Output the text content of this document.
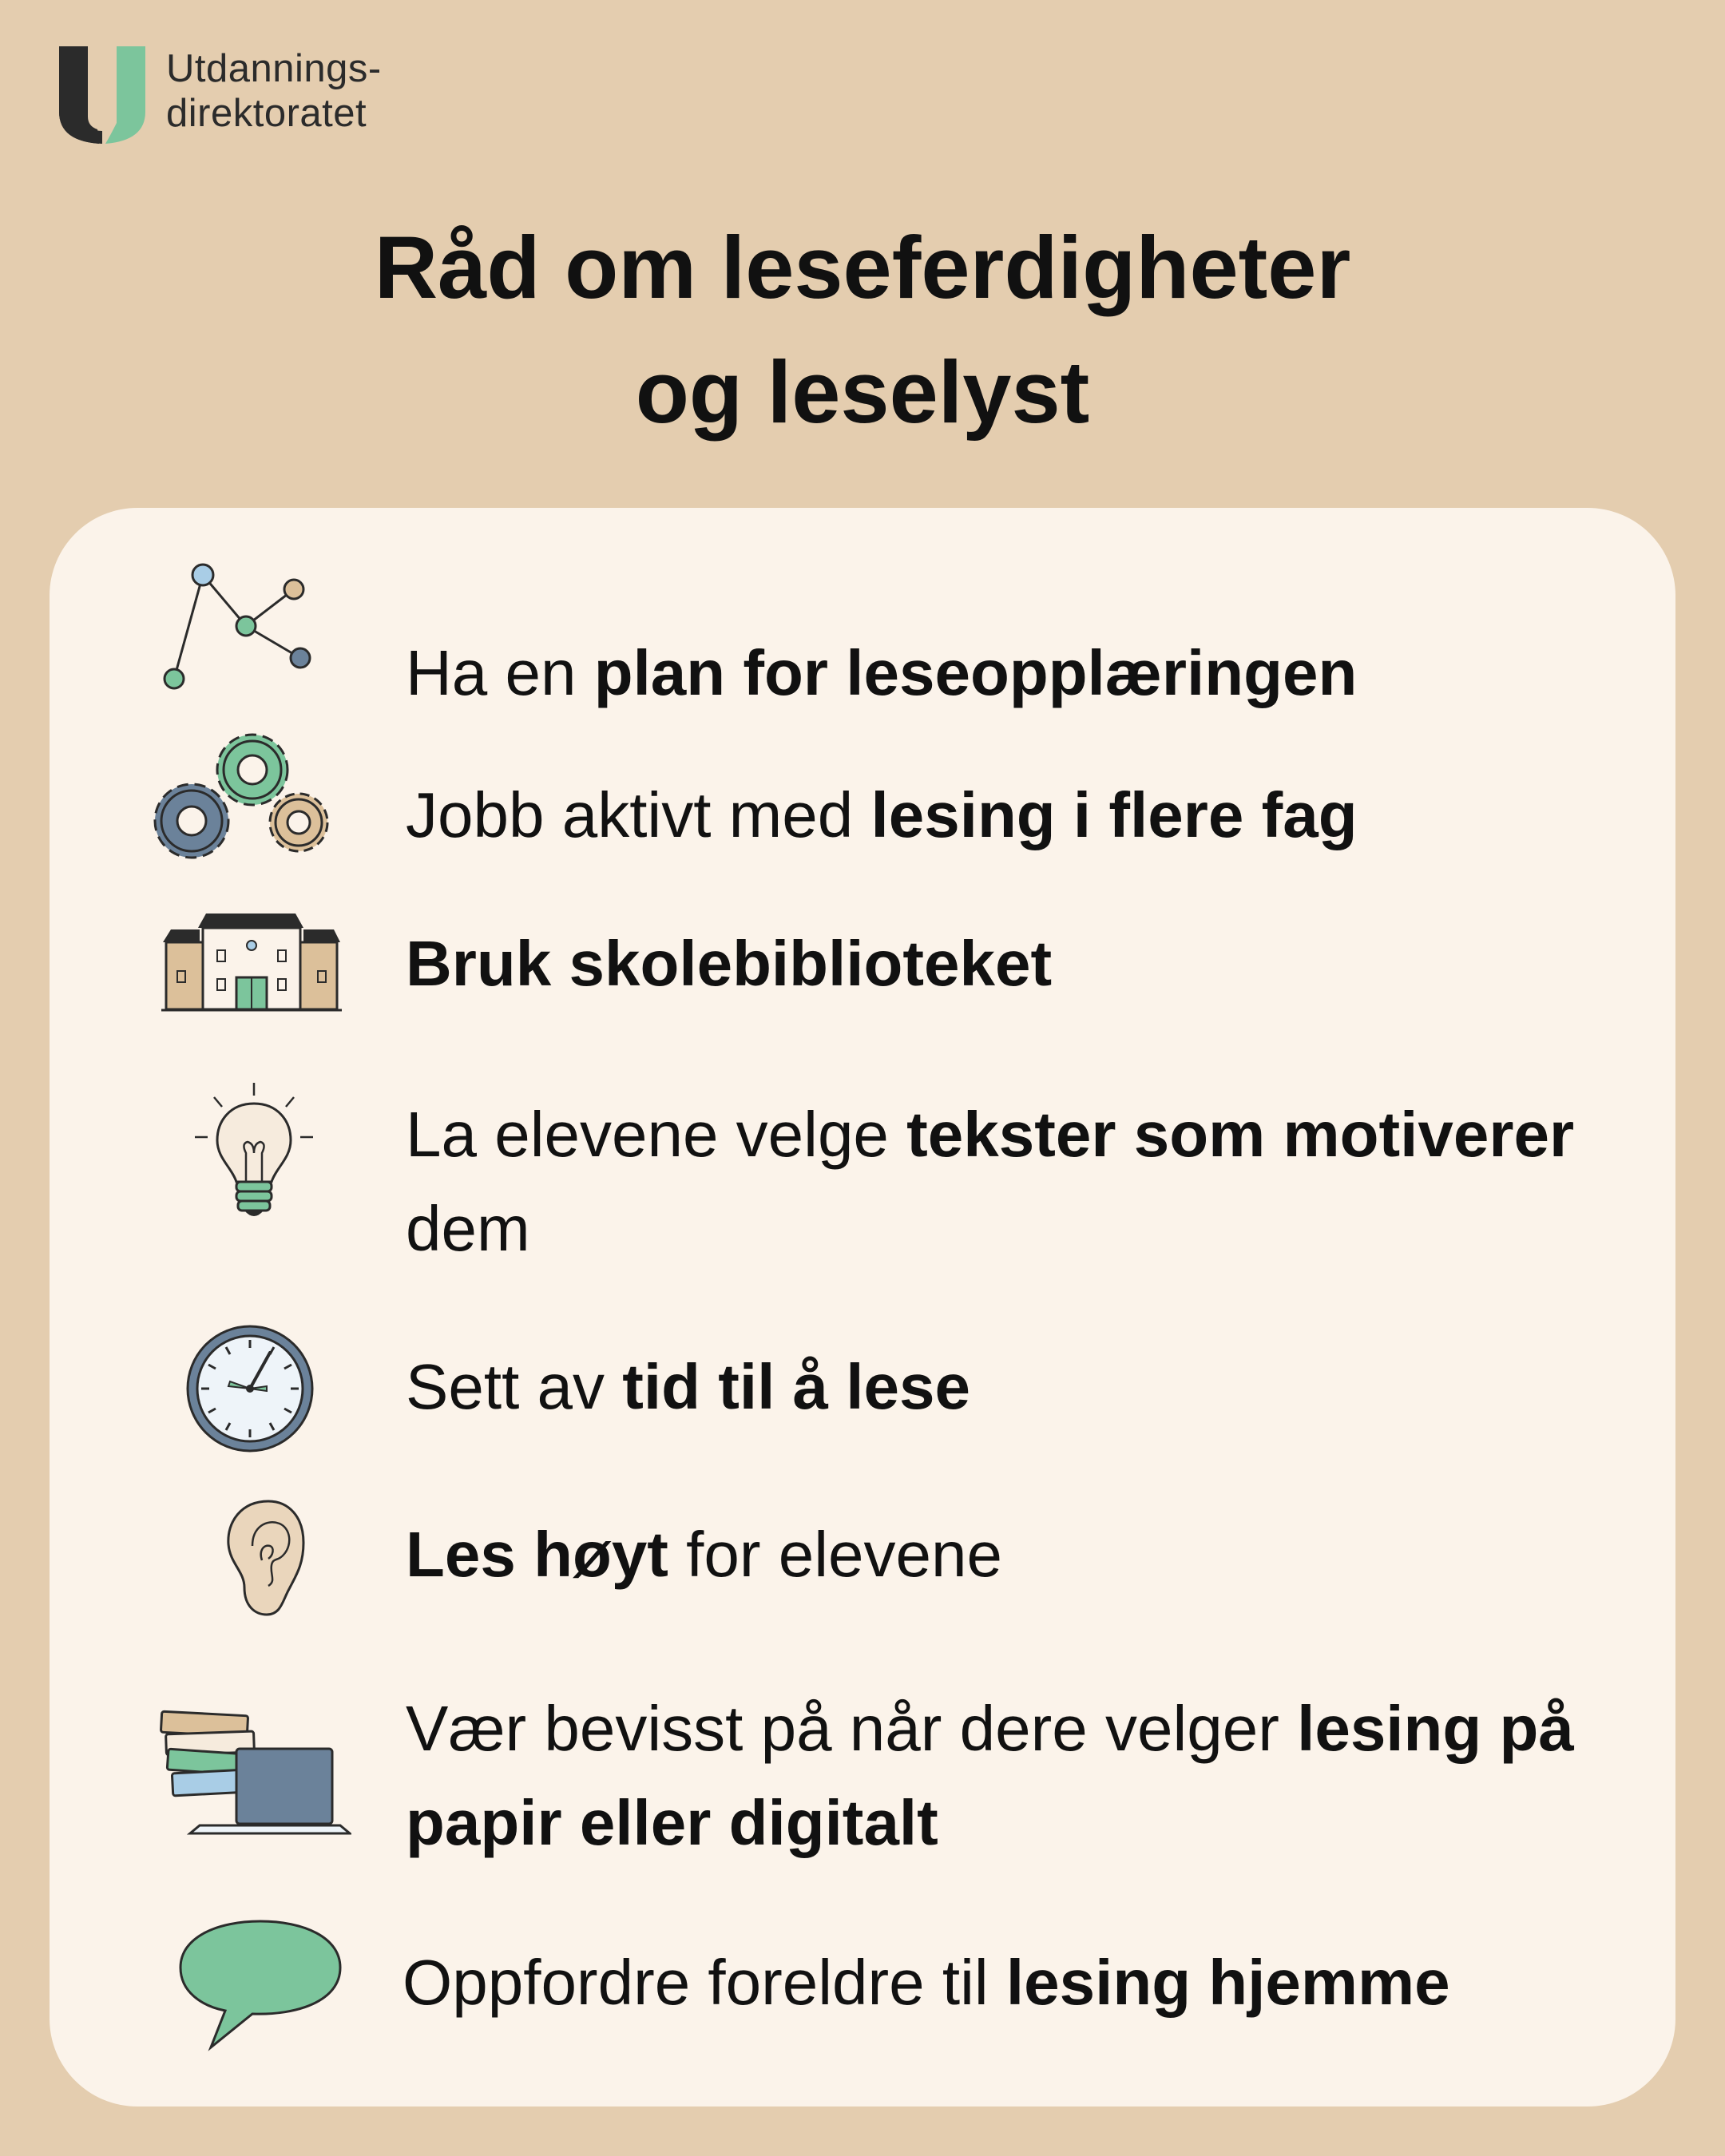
Utdannings-
direktoratet
Råd om leseferdigheter
og leselyst
Ha en plan for leseopplæringen
Jobb aktivt med lesing i flere fag
Bruk skolebiblioteket
La elevene velge tekster som motiverer dem
Sett av tid til å lese
Les høyt for elevene
Vær bevisst på når dere velger lesing på papir eller digitalt
Oppfordre foreldre til lesing hjemme
